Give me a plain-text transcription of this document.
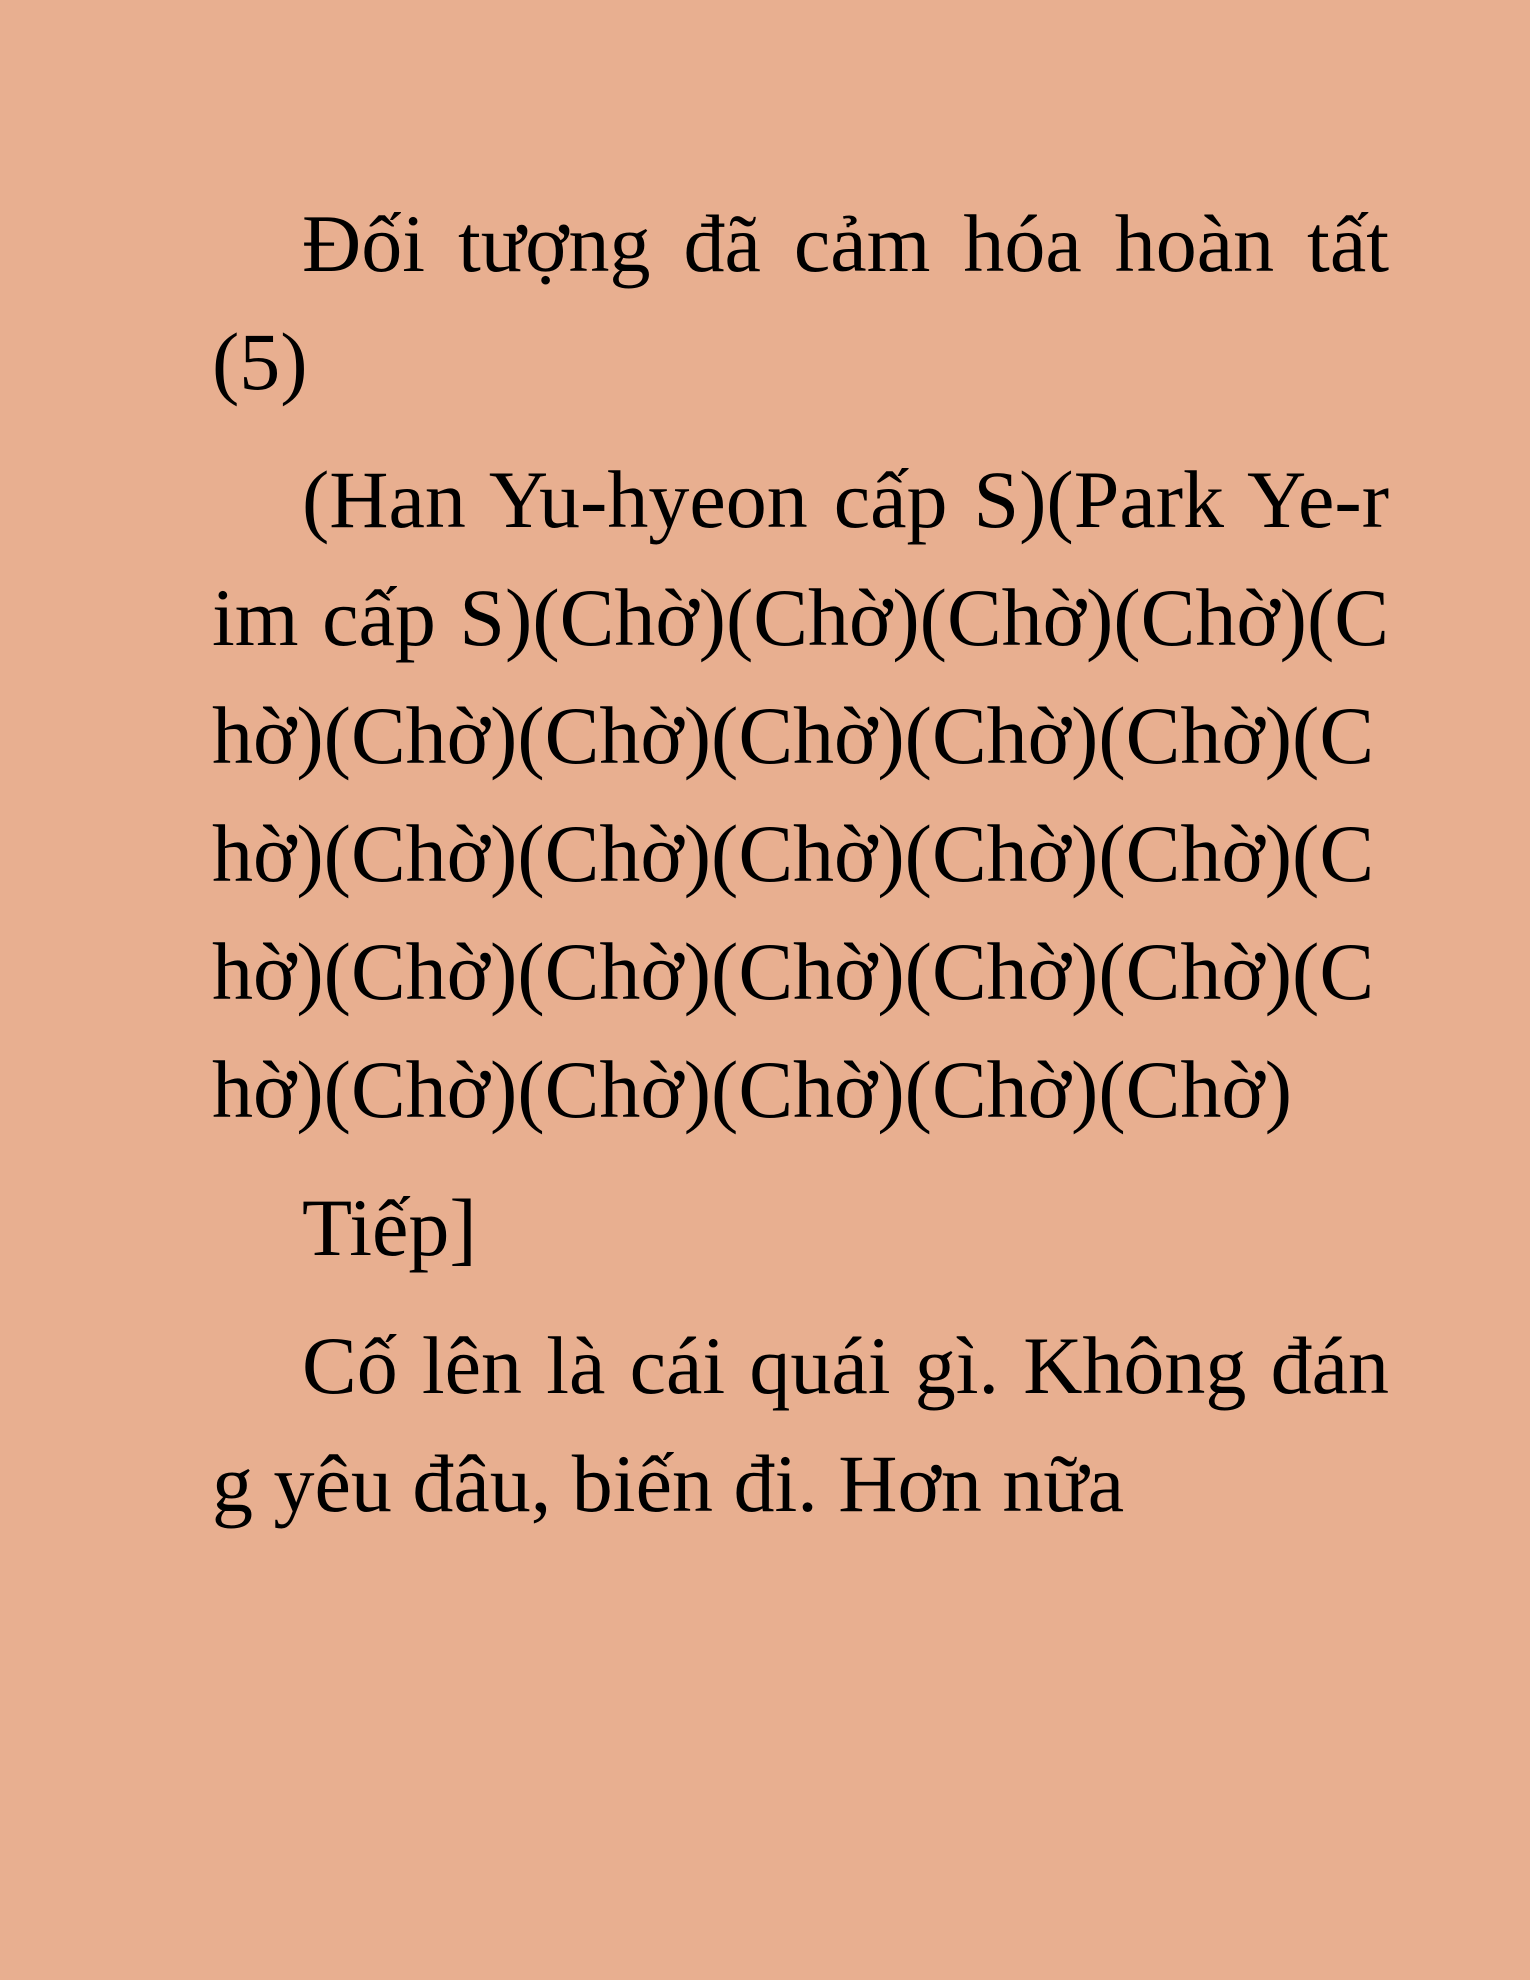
Đối tượng đã cảm hóa hoàn tất (5)

(Han Yu-hyeon cấp S)(Park Ye-rim cấp S)(Chờ)(Chờ)(Chờ)(Chờ)(Chờ)(Chờ)(Chờ)(Chờ)(Chờ)(Chờ)(Chờ)(Chờ)(Chờ)(Chờ)(Chờ)(Chờ)(Chờ)(Chờ)(Chờ)(Chờ)(Chờ)(Chờ)(Chờ)(Chờ)(Chờ)(Chờ)(Chờ)(Chờ)

Tiếp]

Cố lên là cái quái gì. Không đáng yêu đâu, biến đi. Hơn nữa
